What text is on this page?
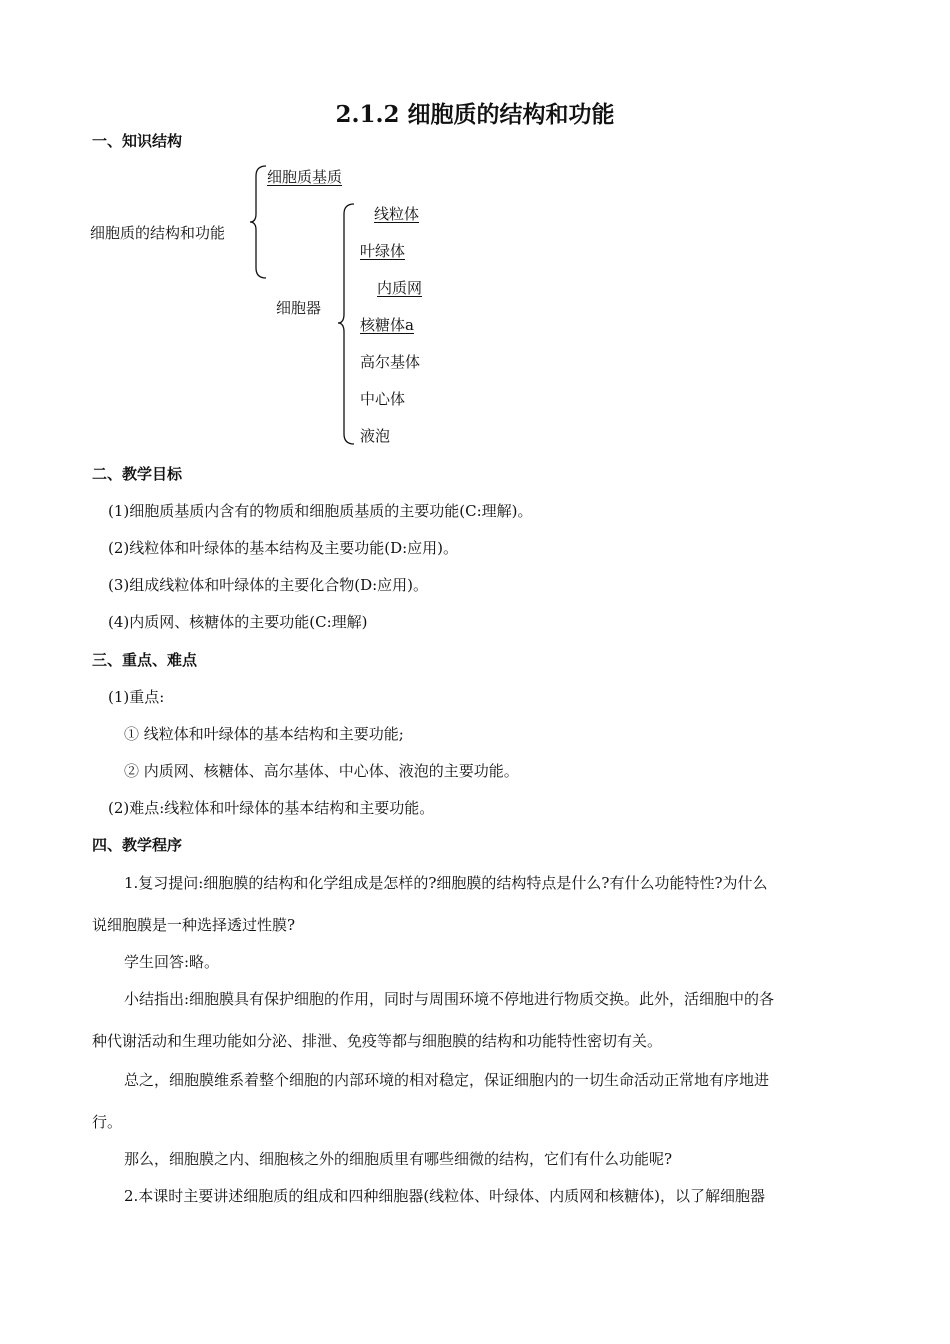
2.1.2 细胞质的结构和功能
一、知识结构
细胞质的结构和功能
细胞质基质
细胞器
线粒体
叶绿体
内质网
核糖体a
高尔基体
中心体
液泡
二、教学目标
(1)细胞质基质内含有的物质和细胞质基质的主要功能(C:理解)。
(2)线粒体和叶绿体的基本结构及主要功能(D:应用)。
(3)组成线粒体和叶绿体的主要化合物(D:应用)。
(4)内质网、核糖体的主要功能(C:理解)
三、重点、难点
(1)重点:
① 线粒体和叶绿体的基本结构和主要功能;
② 内质网、核糖体、高尔基体、中心体、液泡的主要功能。
(2)难点:线粒体和叶绿体的基本结构和主要功能。
四、教学程序
1.复习提问:细胞膜的结构和化学组成是怎样的?细胞膜的结构特点是什么?有什么功能特性?为什么
说细胞膜是一种选择透过性膜?
学生回答:略。
小结指出:细胞膜具有保护细胞的作用，同时与周围环境不停地进行物质交换。此外，活细胞中的各
种代谢活动和生理功能如分泌、排泄、免疫等都与细胞膜的结构和功能特性密切有关。
总之，细胞膜维系着整个细胞的内部环境的相对稳定，保证细胞内的一切生命活动正常地有序地进
行。
那么，细胞膜之内、细胞核之外的细胞质里有哪些细微的结构，它们有什么功能呢?
2.本课时主要讲述细胞质的组成和四种细胞器(线粒体、叶绿体、内质网和核糖体)，以了解细胞器
